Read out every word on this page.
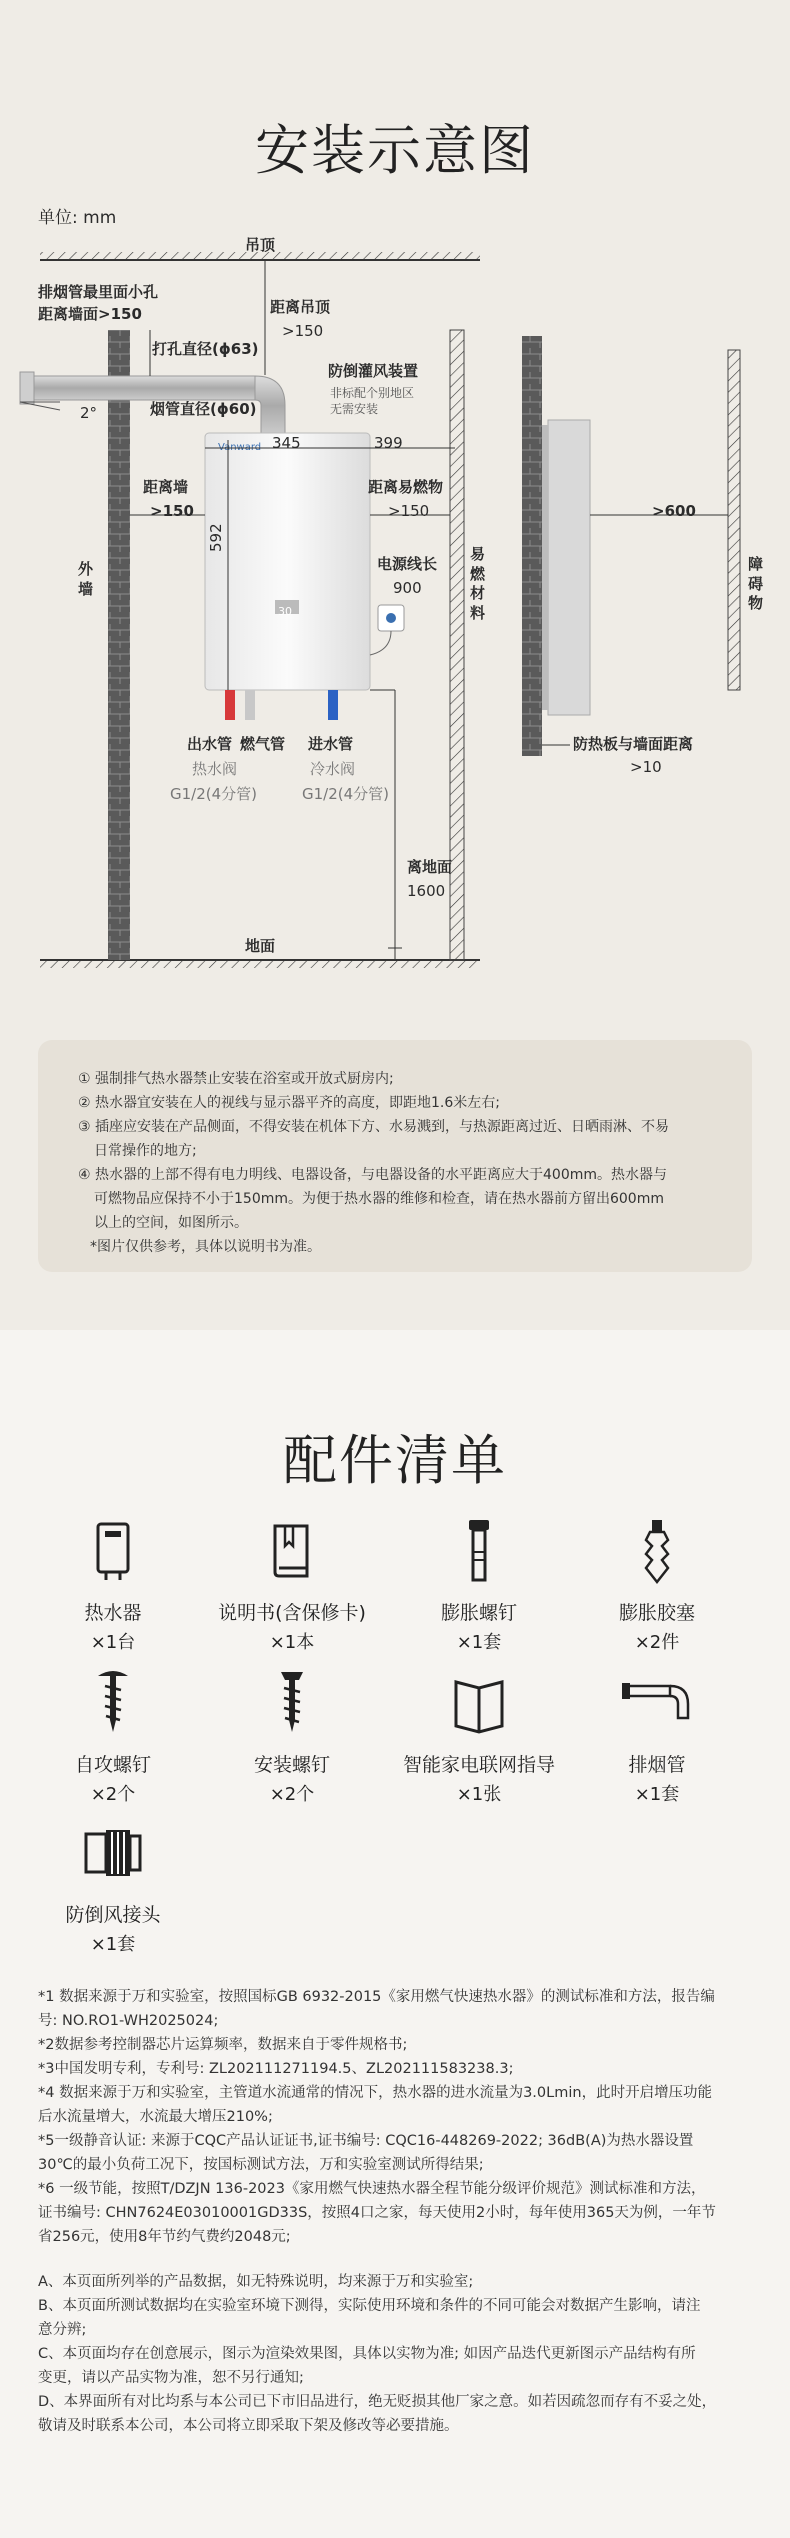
安装示意图
单位: mm
Vanward
吊顶
排烟管最里面小孔
距离墙面>150	距离吊顶
>150
打孔直径(ϕ63)
烟管直径(ϕ60)
2°
防倒灌风装置
非标配个别地区
无需安装
345	399
592
距离墙
>150
距离易燃物
>150
电源线长
900
外墙
易燃材料
>600
障碍物
防热板与墙面距离
>10
出水管 燃气管 进水管
热水阀	冷水阀
G1/2(4分管)	G1/2(4分管)
离地面
1600
地面
30
① 强制排气热水器禁止安装在浴室或开放式厨房内;
② 热水器宜安装在人的视线与显示器平齐的高度，即距地1.6米左右;
③ 插座应安装在产品侧面，不得安装在机体下方、水易溅到，与热源距离过近、日晒雨淋、不易
日常操作的地方;
④ 热水器的上部不得有电力明线、电器设备，与电器设备的水平距离应大于400mm。热水器与
可燃物品应保持不小于150mm。为便于热水器的维修和检查，请在热水器前方留出600mm
以上的空间，如图所示。
*图片仅供参考，具体以说明书为准。
配件清单
热水器
×1台
说明书(含保修卡)
×1本
膨胀螺钉
×1套
膨胀胶塞
×2件
自攻螺钉
×2个
安装螺钉
×2个
智能家电联网指导
×1张
排烟管
×1套
防倒风接头
×1套
*1 数据来源于万和实验室，按照国标GB 6932-2015《家用燃气快速热水器》的测试标准和方法，报告编
号: NO.RO1-WH2025024;
*2数据参考控制器芯片运算频率，数据来自于零件规格书;
*3中国发明专利，专利号: ZL202111271194.5、ZL202111583238.3;
*4 数据来源于万和实验室，主管道水流通常的情况下，热水器的进水流量为3.0Lmin，此时开启增压功能
后水流量增大，水流最大增压210%;
*5一级静音认证: 来源于CQC产品认证证书,证书编号: CQC16-448269-2022; 36dB(A)为热水器设置
30℃的最小负荷工况下，按国标测试方法，万和实验室测试所得结果;
*6 一级节能，按照T/DZJN 136-2023《家用燃气快速热水器全程节能分级评价规范》测试标准和方法，
证书编号: CHN7624E03010001GD33S，按照4口之家，每天使用2小时，每年使用365天为例，一年节
省256元，使用8年节约气费约2048元;
A、本页面所列举的产品数据，如无特殊说明，均来源于万和实验室;
B、本页面所测试数据均在实验室环境下测得，实际使用环境和条件的不同可能会对数据产生影响，请注
意分辨;
C、本页面均存在创意展示，图示为渲染效果图，具体以实物为准; 如因产品迭代更新图示产品结构有所
变更，请以产品实物为准，恕不另行通知;
D、本界面所有对比均系与本公司已下市旧品进行，绝无贬损其他厂家之意。如若因疏忽而存有不妥之处，
敬请及时联系本公司，本公司将立即采取下架及修改等必要措施。
